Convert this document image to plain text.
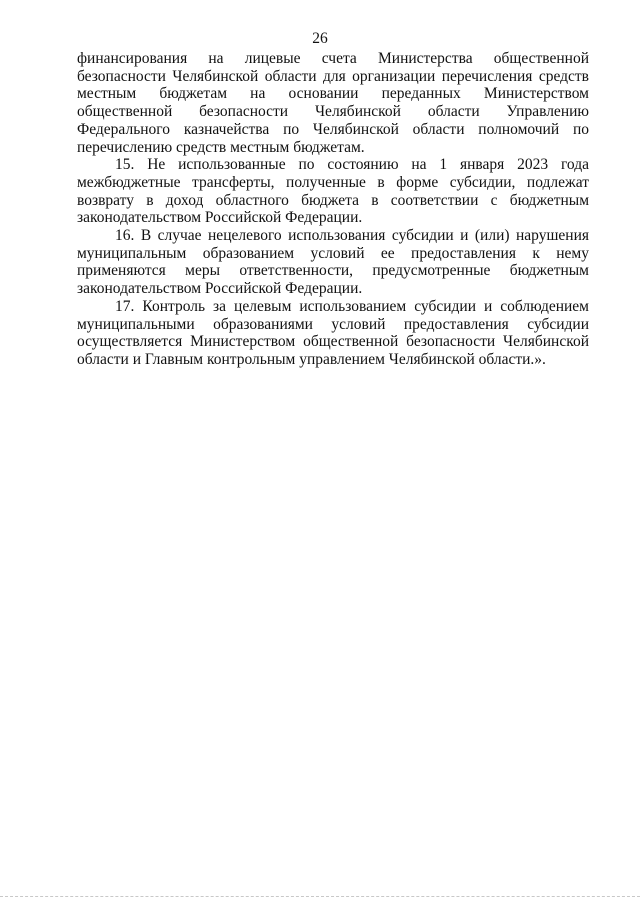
26

финансирования на лицевые счета Министерства общественной безопасности Челябинской области для организации перечисления средств местным бюджетам на основании переданных Министерством общественной безопасности Челябинской области Управлению Федерального казначейства по Челябинской области полномочий по перечислению средств местным бюджетам.

15. Не использованные по состоянию на 1 января 2023 года межбюджетные трансферты, полученные в форме субсидии, подлежат возврату в доход областного бюджета в соответствии с бюджетным законодательством Российской Федерации.

16. В случае нецелевого использования субсидии и (или) нарушения муниципальным образованием условий ее предоставления к нему применяются меры ответственности, предусмотренные бюджетным законодательством Российской Федерации.

17. Контроль за целевым использованием субсидии и соблюдением муниципальными образованиями условий предоставления субсидии осуществляется Министерством общественной безопасности Челябинской области и Главным контрольным управлением Челябинской области.».
